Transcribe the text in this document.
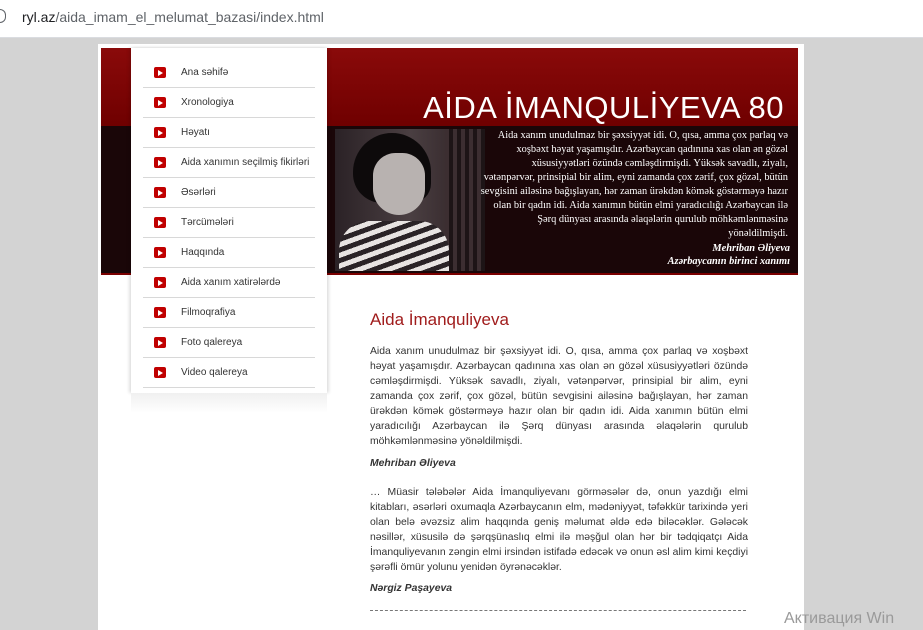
ryl.az/aida_imam_el_melumat_bazasi/index.html
AİDA İMANQULİYEVA 80
Aida xanım unudulmaz bir şəxsiyyət idi. O, qısa, amma çox parlaq və xoşbəxt həyat yaşamışdır. Azərbaycan qadınına xas olan ən gözəl xüsusiyyətləri özündə cəmləşdirmişdi. Yüksək savadlı, ziyalı, vətənpərvər, prinsipial bir alim, eyni zamanda çox zərif, çox gözəl, bütün sevgisini ailəsinə bağışlayan, hər zaman ürəkdən kömək göstərməyə hazır olan bir qadın idi. Aida xanımın bütün elmi yaradıcılığı Azərbaycan ilə Şərq dünyası arasında əlaqələrin qurulub möhkəmlənməsinə yönəldilmişdi.
Mehriban Əliyeva
Azərbaycanın birinci xanımı
Ana səhifə
Xronologiya
Həyatı
Aida xanımın seçilmiş fikirləri
Əsərləri
Tərcümələri
Haqqında
Aida xanım xatirələrdə
Filmoqrafiya
Foto qalereya
Video qalereya
Aida İmanquliyeva

Aida xanım unudulmaz bir şəxsiyyət idi. O, qısa, amma çox parlaq və xoşbəxt həyat yaşamışdır. Azərbaycan qadınına xas olan ən gözəl xüsusiyyətləri özündə cəmləşdirmişdi. Yüksək savadlı, ziyalı, vətənpərvər, prinsipial bir alim, eyni zamanda çox zərif, çox gözəl, bütün sevgisini ailəsinə bağışlayan, hər zaman ürəkdən kömək göstərməyə hazır olan bir qadın idi. Aida xanımın bütün elmi yaradıcılığı Azərbaycan ilə Şərq dünyası arasında əlaqələrin qurulub möhkəmlənməsinə yönəldilmişdi.

Mehriban Əliyeva

… Müasir tələbələr Aida İmanquliyevanı görməsələr də, onun yazdığı elmi kitabları, əsərləri oxumaqla Azərbaycanın elm, mədəniyyət, təfəkkür tarixində yeri olan belə əvəzsiz alim haqqında geniş məlumat əldə edə biləcəklər. Gələcək nəsillər, xüsusilə də şərqşünaslıq elmi ilə məşğul olan hər bir tədqiqatçı Aida İmanquliyevanın zəngin elmi irsindən istifadə edəcək və onun əsl alim kimi keçdiyi şərəfli ömür yolunu yenidən öyrənəcəklər.

Nərgiz Paşayeva
Активация Win
